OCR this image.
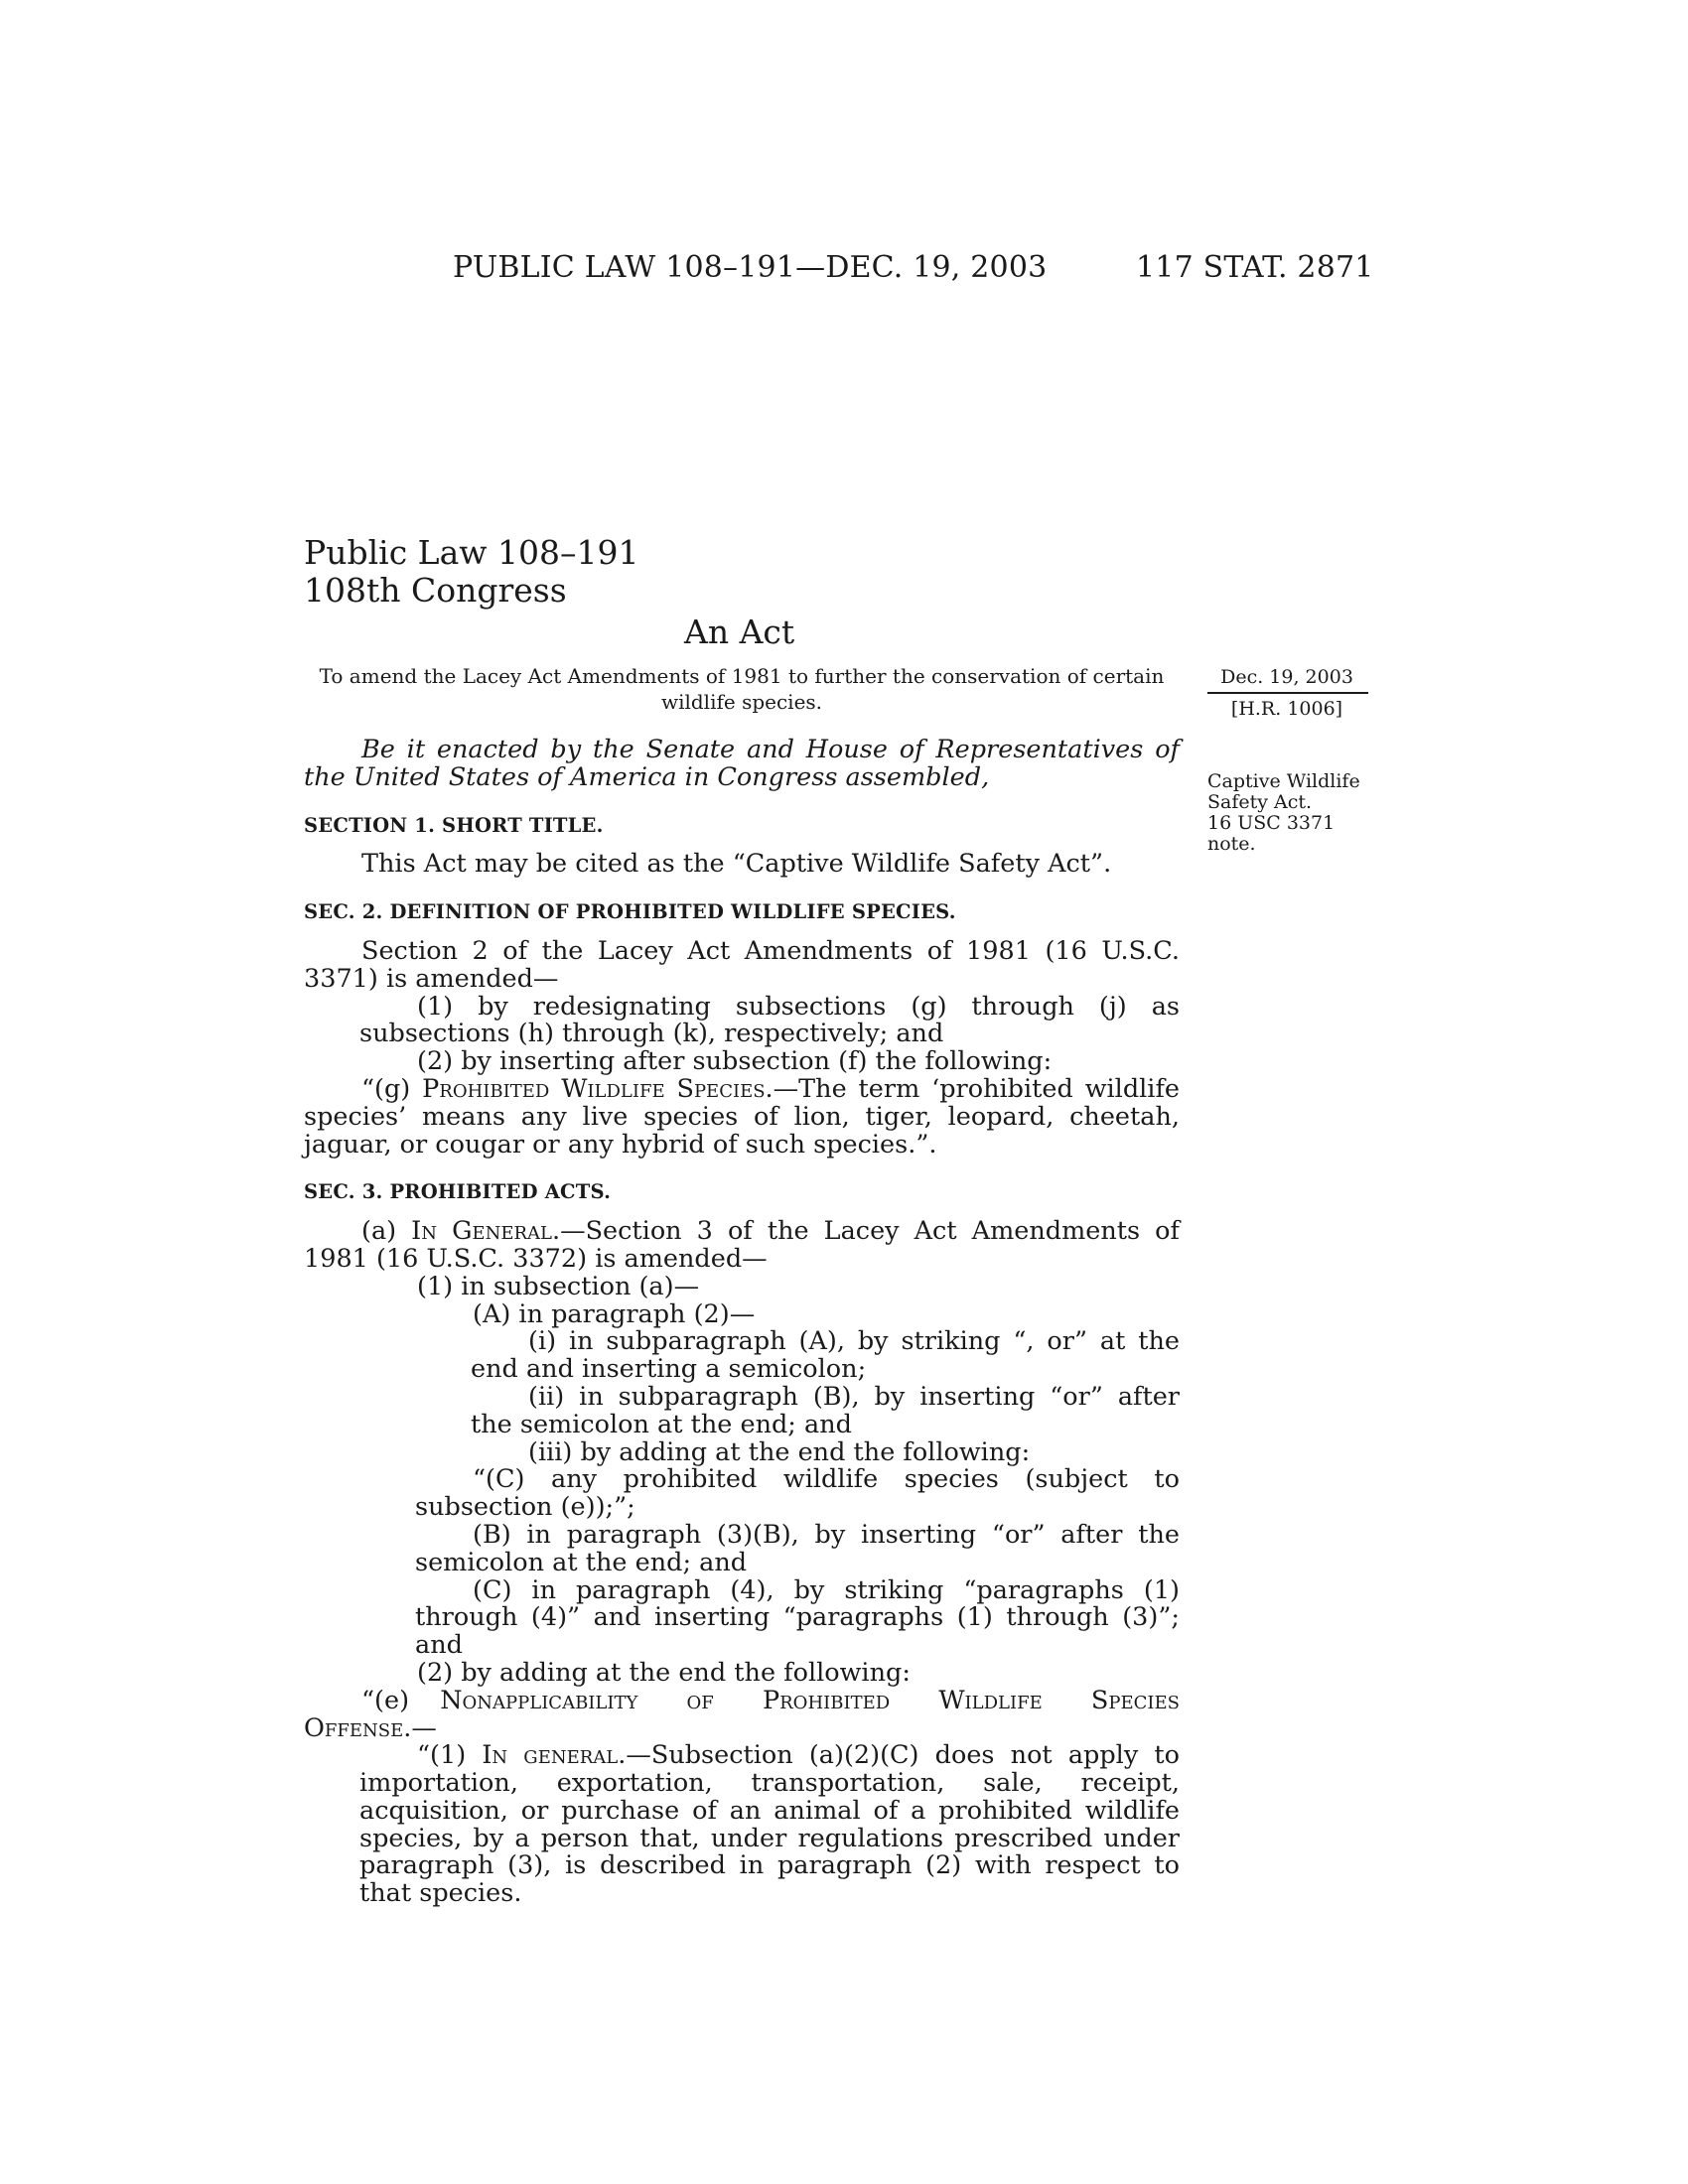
PUBLIC LAW 108–191—DEC. 19, 2003	117 STAT. 2871
Public Law 108–191
108th Congress
An Act
To amend the Lacey Act Amendments of 1981 to further the conservation of certain
wildlife species.
Dec. 19, 2003
[H.R. 1006]
Captive Wildlife
Safety Act.
16 USC 3371
note.

Be it enacted by the Senate and House of Representatives of the United States of America in Congress assembled,

SECTION 1. SHORT TITLE.

This Act may be cited as the “Captive Wildlife Safety Act”.

SEC. 2. DEFINITION OF PROHIBITED WILDLIFE SPECIES.

Section 2 of the Lacey Act Amendments of 1981 (16 U.S.C. 3371) is amended—

(1) by redesignating subsections (g) through (j) as subsections (h) through (k), respectively; and

(2) by inserting after subsection (f) the following:

“(g) Prohibited Wildlife Species.—The term ‘prohibited wildlife species’ means any live species of lion, tiger, leopard, cheetah, jaguar, or cougar or any hybrid of such species.”.

SEC. 3. PROHIBITED ACTS.

(a) In General.—Section 3 of the Lacey Act Amendments of 1981 (16 U.S.C. 3372) is amended—

(1) in subsection (a)—

(A) in paragraph (2)—

(i) in subparagraph (A), by striking “, or” at the end and inserting a semicolon;

(ii) in subparagraph (B), by inserting “or” after the semicolon at the end; and

(iii) by adding at the end the following:

“(C) any prohibited wildlife species (subject to subsection (e));”;

(B) in paragraph (3)(B), by inserting “or” after the semicolon at the end; and

(C) in paragraph (4), by striking “paragraphs (1) through (4)” and inserting “paragraphs (1) through (3)”; and

(2) by adding at the end the following:

“(e) Nonapplicability of Prohibited Wildlife Species Offense.—

“(1) In general.—Subsection (a)(2)(C) does not apply to importation, exportation, transportation, sale, receipt, acquisition, or purchase of an animal of a prohibited wildlife species, by a person that, under regulations prescribed under paragraph (3), is described in paragraph (2) with respect to that species.
